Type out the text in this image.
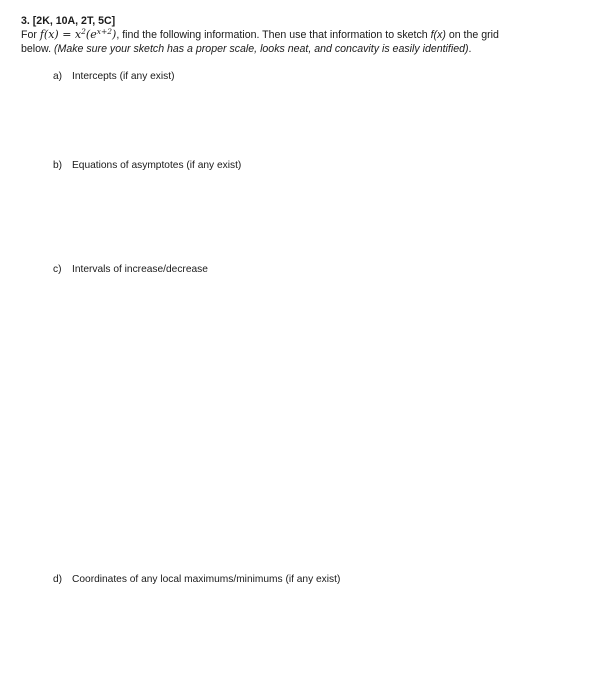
3. [2K, 10A, 2T, 5C]
For $f(x) = x^2(e^{x+2})$, find the following information. Then use that information to sketch f(x) on the grid
below. (Make sure your sketch has a proper scale, looks neat, and concavity is easily identified).
a) Intercepts (if any exist)
b) Equations of asymptotes (if any exist)
c) Intervals of increase/decrease
d) Coordinates of any local maximums/minimums (if any exist)
